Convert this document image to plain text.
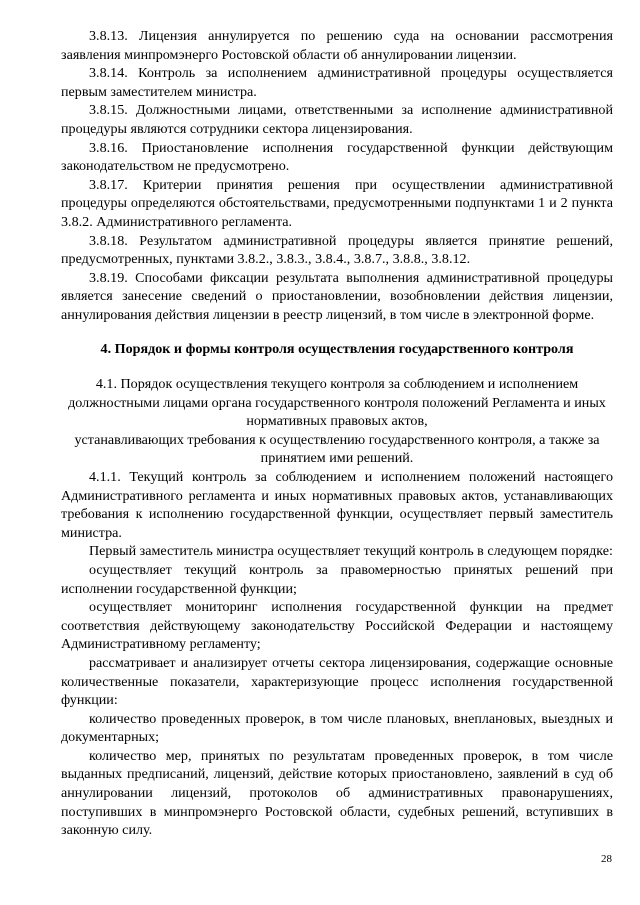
3.8.13. Лицензия аннулируется по решению суда на основании рассмотрения заявления минпромэнерго Ростовской области об аннулировании лицензии.

3.8.14. Контроль за исполнением административной процедуры осуществляется первым заместителем министра.

3.8.15. Должностными лицами, ответственными за исполнение административной процедуры являются сотрудники сектора лицензирования.

3.8.16. Приостановление исполнения государственной функции действующим законодательством не предусмотрено.

3.8.17. Критерии принятия решения при осуществлении административной процедуры определяются обстоятельствами, предусмотренными подпунктами 1 и 2 пункта 3.8.2. Административного регламента.

3.8.18. Результатом административной процедуры является принятие решений, предусмотренных, пунктами 3.8.2., 3.8.3., 3.8.4., 3.8.7., 3.8.8., 3.8.12.

3.8.19. Способами фиксации результата выполнения административной процедуры является занесение сведений о приостановлении, возобновлении действия лицензии, аннулирования действия лицензии в реестр лицензий, в том числе в электронной форме.

4. Порядок и формы контроля осуществления государственного контроля

4.1. Порядок осуществления текущего контроля за соблюдением и исполнением должностными лицами органа государственного контроля положений Регламента и иных нормативных правовых актов,

устанавливающих требования к осуществлению государственного контроля, а также за принятием ими решений.

4.1.1. Текущий контроль за соблюдением и исполнением положений настоящего Административного регламента и иных нормативных правовых актов, устанавливающих требования к исполнению государственной функции, осуществляет первый заместитель министра.

Первый заместитель министра осуществляет текущий контроль в следующем порядке:

осуществляет текущий контроль за правомерностью принятых решений при исполнении государственной функции;

осуществляет мониторинг исполнения государственной функции на предмет соответствия действующему законодательству Российской Федерации и настоящему Административному регламенту;

рассматривает и анализирует отчеты сектора лицензирования, содержащие основные количественные показатели, характеризующие процесс исполнения государственной функции:

количество проведенных проверок, в том числе плановых, внеплановых, выездных и документарных;

количество мер, принятых по результатам проведенных проверок, в том числе выданных предписаний, лицензий, действие которых приостановлено, заявлений в суд об аннулировании лицензий, протоколов об административных правонарушениях, поступивших в минпромэнерго Ростовской области, судебных решений, вступивших в законную силу.

28
